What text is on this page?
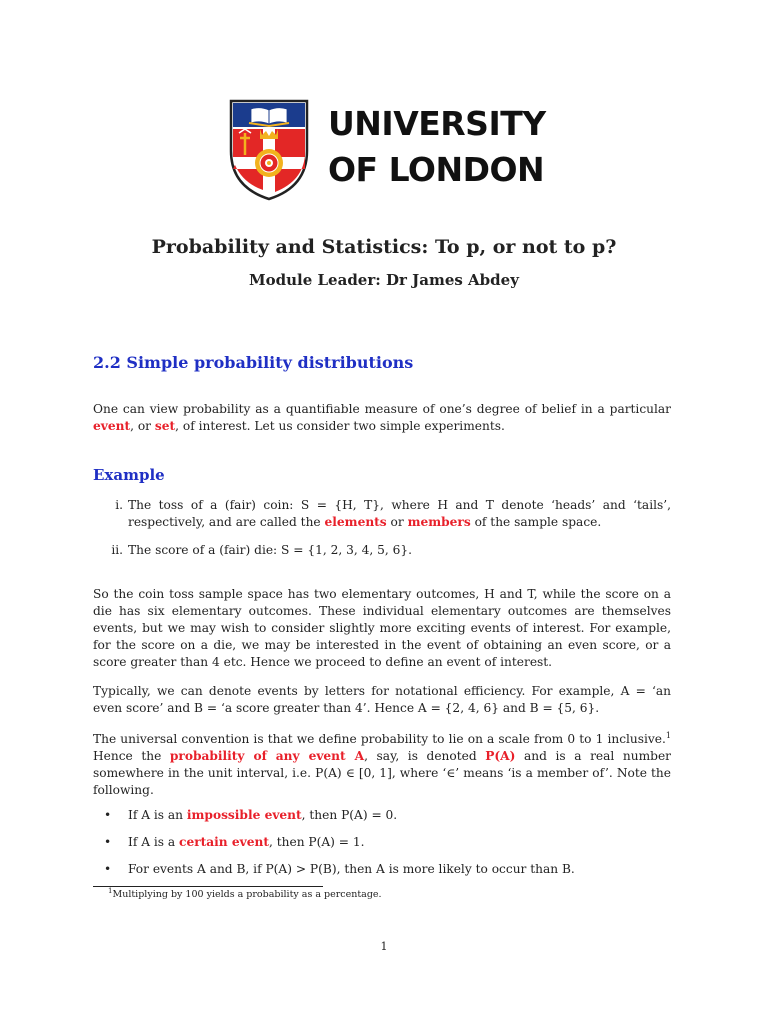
UNIVERSITY
OF LONDON
Probability and Statistics: To p, or not to p?
Module Leader: Dr James Abdey
2.2 Simple probability distributions

One can view probability as a quantifiable measure of one’s degree of belief in a particular event, or set, of interest. Let us consider two simple experiments.

Example
i. The toss of a (fair) coin: S = {H, T}, where H and T denote ‘heads’ and ‘tails’, respectively, and are called the elements or members of the sample space.
ii. The score of a (fair) die: S = {1, 2, 3, 4, 5, 6}.

So the coin toss sample space has two elementary outcomes, H and T, while the score on a die has six elementary outcomes. These individual elementary outcomes are themselves events, but we may wish to consider slightly more exciting events of interest. For example, for the score on a die, we may be interested in the event of obtaining an even score, or a score greater than 4 etc. Hence we proceed to define an event of interest.

Typically, we can denote events by letters for notational efficiency. For example, A = ‘an even score’ and B = ‘a score greater than 4’. Hence A = {2, 4, 6} and B = {5, 6}.

The universal convention is that we define probability to lie on a scale from 0 to 1 inclusive.$^1$ Hence the probability of any event A, say, is denoted P(A) and is a real number somewhere in the unit interval, i.e. P(A) ∈ [0, 1], where ‘∈’ means ‘is a member of’. Note the following.

• If A is an impossible event, then P(A) = 0.
• If A is a certain event, then P(A) = 1.
• For events A and B, if P(A) > P(B), then A is more likely to occur than B.
$^1$Multiplying by 100 yields a probability as a percentage.
1
